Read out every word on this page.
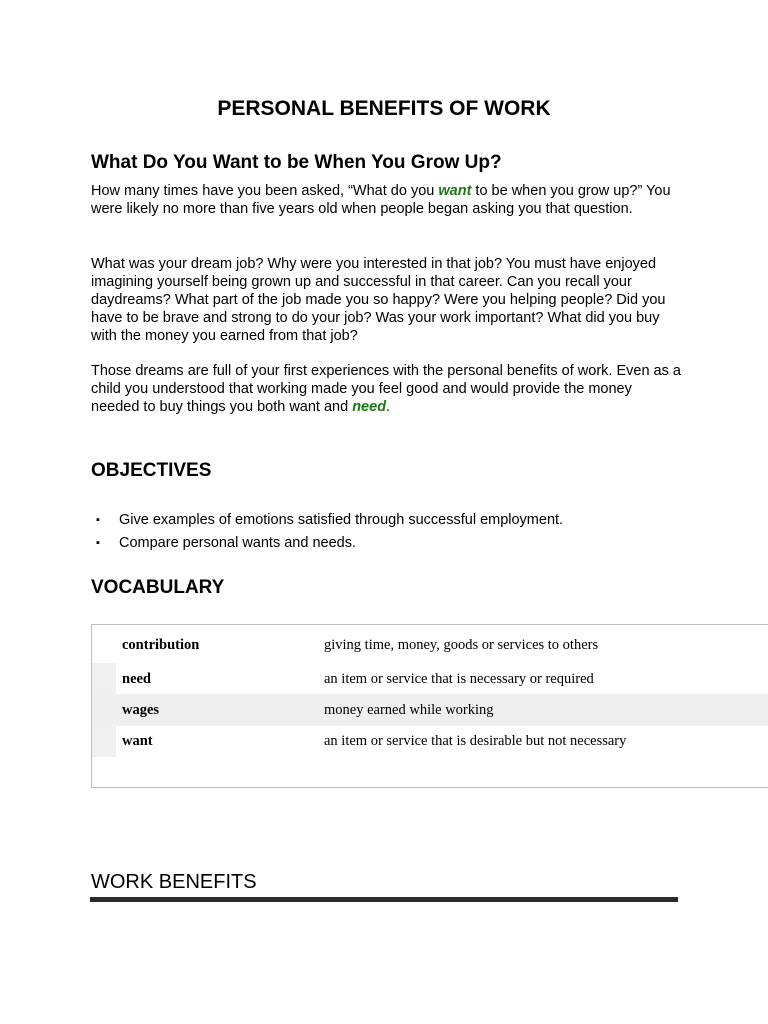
PERSONAL BENEFITS OF WORK
What Do You Want to be When You Grow Up?
How many times have you been asked, “What do you want to be when you grow up?” You were likely no more than five years old when people began asking you that question.
What was your dream job? Why were you interested in that job? You must have enjoyed imagining yourself being grown up and successful in that career. Can you recall your daydreams? What part of the job made you so happy? Were you helping people? Did you have to be brave and strong to do your job? Was your work important? What did you buy with the money you earned from that job?
Those dreams are full of your first experiences with the personal benefits of work. Even as a child you understood that working made you feel good and would provide the money needed to buy things you both want and need.
OBJECTIVES
▪ Give examples of emotions satisfied through successful employment.
▪ Compare personal wants and needs.
VOCABULARY
contribution	giving time, money, goods or services to others
need	an item or service that is necessary or required
wages	money earned while working
want	an item or service that is desirable but not necessary
WORK BENEFITS
